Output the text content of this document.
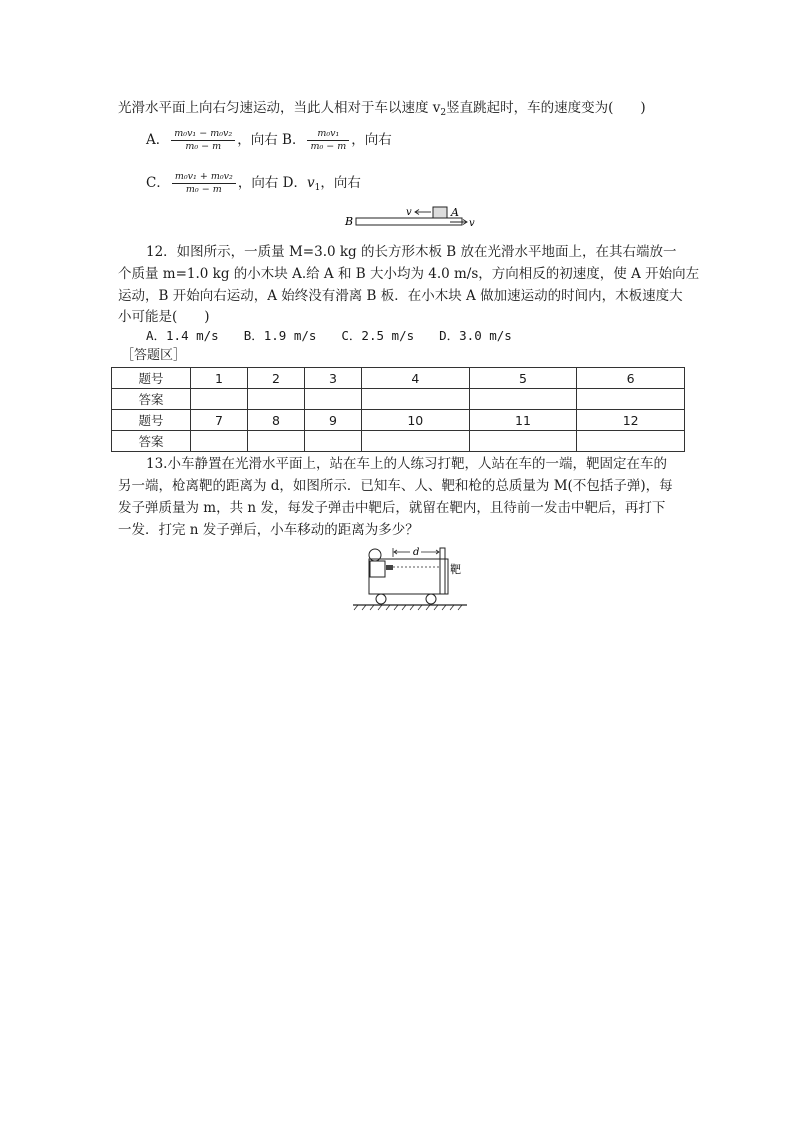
光滑水平面上向右匀速运动，当此人相对于车以速度 $v_2$竖直跳起时，车的速度变为(　　)
A． $\frac{\text{m₀v₁ − m₀v₂}}{\text{m₀ − m}}$ ，向右 B． $\frac{\text{m₀v₁}}{\text{m₀ − m}}$ ，向右
C． $\frac{\text{m₀v₁ + m₀v₂}}{\text{m₀ − m}}$ ，向右 D．$v_1$，向右
B
A
v
v
12．如图所示，一质量 M=3.0 kg 的长方形木板 B 放在光滑水平地面上，在其右端放一
个质量 m=1.0 kg 的小木块 A.给 A 和 B 大小均为 4.0 m/s，方向相反的初速度，使 A 开始向左
运动，B 开始向右运动，A 始终没有滑离 B 板．在小木块 A 做加速运动的时间内，木板速度大
小可能是(　　)
A．1.4 m/s　　B．1.9 m/s　　C．2.5 m/s　　D．3.0 m/s
［答题区］
题号	1	2	3	4	5	6
答案						
题号	7	8	9	10	11	12
答案						
13.小车静置在光滑水平面上，站在车上的人练习打靶，人站在车的一端，靶固定在车的
另一端，枪离靶的距离为 d，如图所示．已知车、人、靶和枪的总质量为 M(不包括子弹)，每
发子弹质量为 m，共 n 发，每发子弹击中靶后，就留在靶内，且待前一发击中靶后，再打下
一发．打完 n 发子弹后，小车移动的距离为多少？
d
靶
